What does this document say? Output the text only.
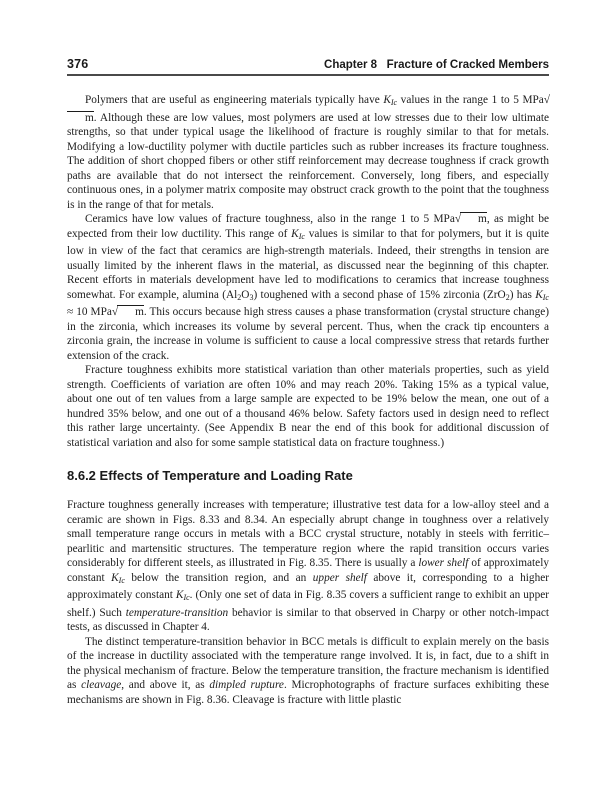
376	Chapter 8   Fracture of Cracked Members

Polymers that are useful as engineering materials typically have KIc values in the range 1 to 5 MPa√m. Although these are low values, most polymers are used at low stresses due to their low ultimate strengths, so that under typical usage the likelihood of fracture is roughly similar to that for metals. Modifying a low-ductility polymer with ductile particles such as rubber increases its fracture toughness. The addition of short chopped fibers or other stiff reinforcement may decrease toughness if crack growth paths are available that do not intersect the reinforcement. Conversely, long fibers, and especially continuous ones, in a polymer matrix composite may obstruct crack growth to the point that the toughness is in the range of that for metals.

Ceramics have low values of fracture toughness, also in the range 1 to 5 MPa√ m, as might be expected from their low ductility. This range of KIc values is similar to that for polymers, but it is quite low in view of the fact that ceramics are high-strength materials. Indeed, their strengths in tension are usually limited by the inherent flaws in the material, as discussed near the beginning of this chapter. Recent efforts in materials development have led to modifications to ceramics that increase toughness somewhat. For example, alumina (Al2O3) toughened with a second phase of 15% zirconia (ZrO2) has KIc ≈ 10 MPa√ m. This occurs because high stress causes a phase transformation (crystal structure change) in the zirconia, which increases its volume by several percent. Thus, when the crack tip encounters a zirconia grain, the increase in volume is sufficient to cause a local compressive stress that retards further extension of the crack.

Fracture toughness exhibits more statistical variation than other materials properties, such as yield strength. Coefficients of variation are often 10% and may reach 20%. Taking 15% as a typical value, about one out of ten values from a large sample are expected to be 19% below the mean, one out of a hundred 35% below, and one out of a thousand 46% below. Safety factors used in design need to reflect this rather large uncertainty. (See Appendix B near the end of this book for additional discussion of statistical variation and also for some sample statistical data on fracture toughness.)

8.6.2 Effects of Temperature and Loading Rate

Fracture toughness generally increases with temperature; illustrative test data for a low-alloy steel and a ceramic are shown in Figs. 8.33 and 8.34. An especially abrupt change in toughness over a relatively small temperature range occurs in metals with a BCC crystal structure, notably in steels with ferritic–pearlitic and martensitic structures. The temperature region where the rapid transition occurs varies considerably for different steels, as illustrated in Fig. 8.35. There is usually a lower shelf of approximately constant KIc below the transition region, and an upper shelf above it, corresponding to a higher approximately constant KIc. (Only one set of data in Fig. 8.35 covers a sufficient range to exhibit an upper shelf.) Such temperature-transition behavior is similar to that observed in Charpy or other notch-impact tests, as discussed in Chapter 4.

The distinct temperature-transition behavior in BCC metals is difficult to explain merely on the basis of the increase in ductility associated with the temperature range involved. It is, in fact, due to a shift in the physical mechanism of fracture. Below the temperature transition, the fracture mechanism is identified as cleavage, and above it, as dimpled rupture. Microphotographs of fracture surfaces exhibiting these mechanisms are shown in Fig. 8.36. Cleavage is fracture with little plastic
